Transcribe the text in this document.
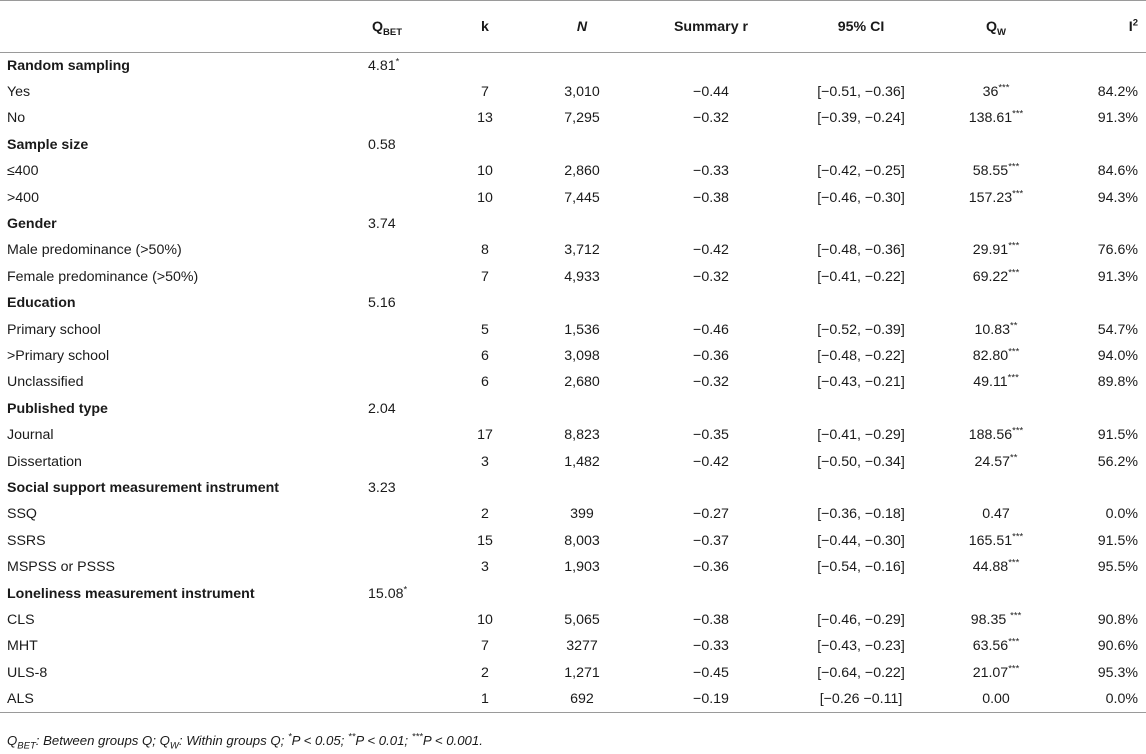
	$Q_{BET}$	k	N	Summary r	95% CI	$Q_W$	$I^2$
Random sampling	4.81*						
Yes		7	3,010	−0.44	[−0.51, −0.36]	36***	84.2%
No		13	7,295	−0.32	[−0.39, −0.24]	138.61***	91.3%
Sample size	0.58						
≤400		10	2,860	−0.33	[−0.42, −0.25]	58.55***	84.6%
>400		10	7,445	−0.38	[−0.46, −0.30]	157.23***	94.3%
Gender	3.74						
Male predominance (>50%)		8	3,712	−0.42	[−0.48, −0.36]	29.91***	76.6%
Female predominance (>50%)		7	4,933	−0.32	[−0.41, −0.22]	69.22***	91.3%
Education	5.16						
Primary school		5	1,536	−0.46	[−0.52, −0.39]	10.83**	54.7%
>Primary school		6	3,098	−0.36	[−0.48, −0.22]	82.80***	94.0%
Unclassified		6	2,680	−0.32	[−0.43, −0.21]	49.11***	89.8%
Published type	2.04						
Journal		17	8,823	−0.35	[−0.41, −0.29]	188.56***	91.5%
Dissertation		3	1,482	−0.42	[−0.50, −0.34]	24.57**	56.2%
Social support measurement instrument	3.23						
SSQ		2	399	−0.27	[−0.36, −0.18]	0.47	0.0%
SSRS		15	8,003	−0.37	[−0.44, −0.30]	165.51***	91.5%
MSPSS or PSSS		3	1,903	−0.36	[−0.54, −0.16]	44.88***	95.5%
Loneliness measurement instrument	15.08*						
CLS		10	5,065	−0.38	[−0.46, −0.29]	98.35 ***	90.8%
MHT		7	3277	−0.33	[−0.43, −0.23]	63.56***	90.6%
ULS-8		2	1,271	−0.45	[−0.64, −0.22]	21.07***	95.3%
ALS		1	692	−0.19	[−0.26 −0.11]	0.00	0.0%
$Q_{BET}$: Between groups Q; $Q_W$: Within groups Q; *P < 0.05; **P < 0.01; ***P < 0.001.
